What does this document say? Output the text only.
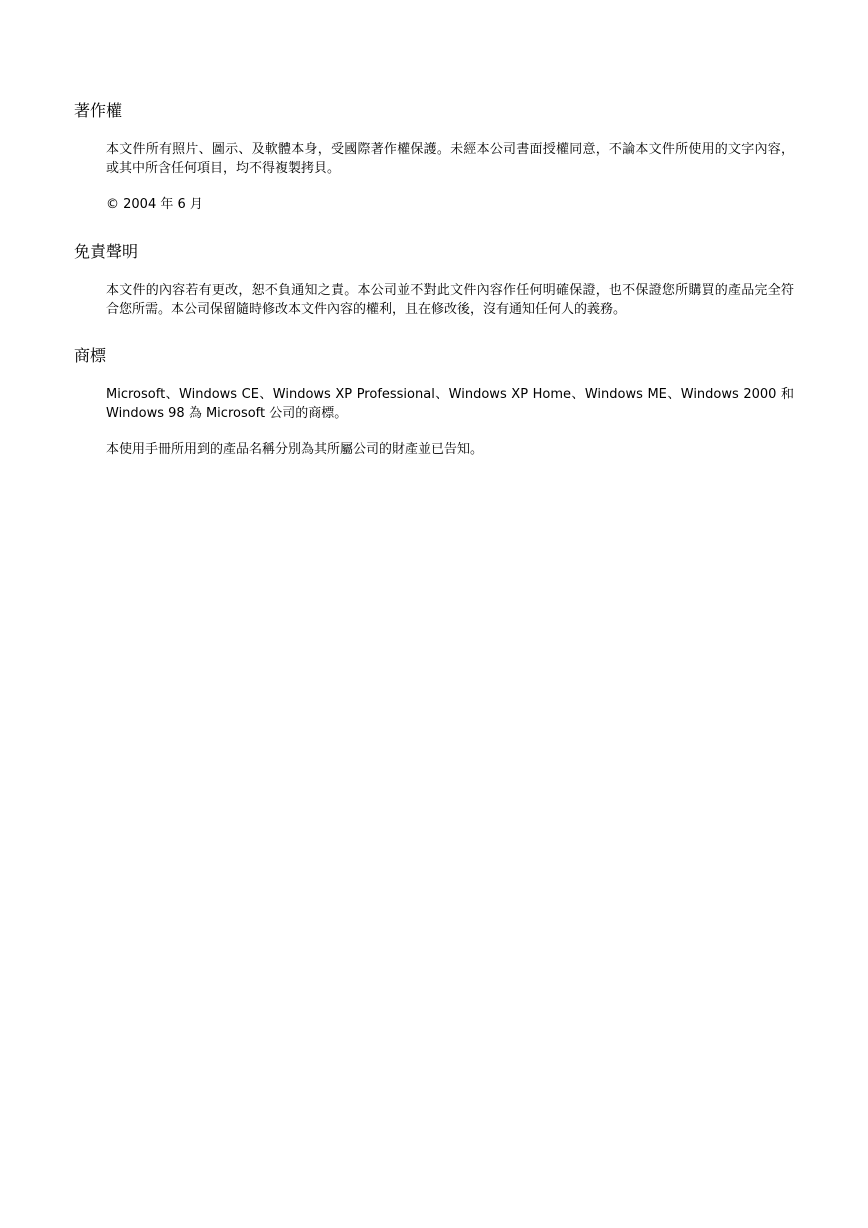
著作權

本文件所有照片、圖示、及軟體本身，受國際著作權保護。未經本公司書面授權同意，不論本文件所使用的文字內容，或其中所含任何項目，均不得複製拷貝。

© 2004 年 6 月

免責聲明

本文件的內容若有更改，恕不負通知之責。本公司並不對此文件內容作任何明確保證，也不保證您所購買的產品完全符合您所需。本公司保留隨時修改本文件內容的權利，且在修改後，沒有通知任何人的義務。

商標

Microsoft、Windows CE、Windows XP Professional、Windows XP Home、Windows ME、Windows 2000 和 Windows 98 為 Microsoft 公司的商標。

本使用手冊所用到的產品名稱分別為其所屬公司的財產並已告知。
